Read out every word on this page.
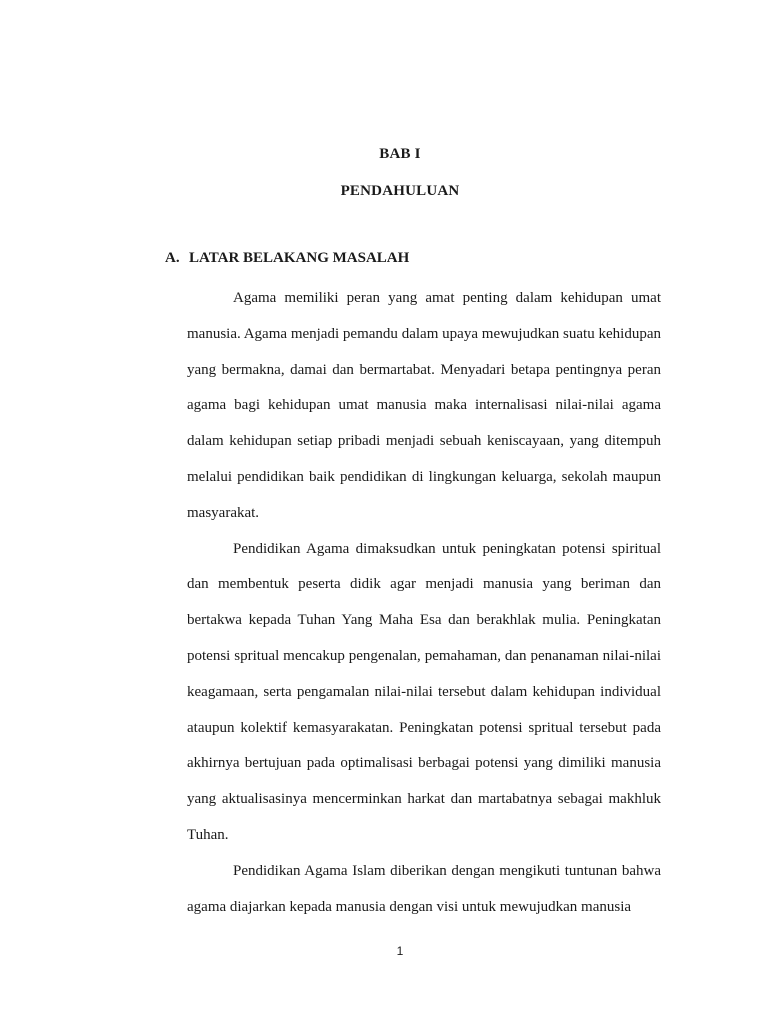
BAB I
PENDAHULUAN
A. LATAR BELAKANG MASALAH

Agama memiliki peran yang amat penting dalam kehidupan umat manusia. Agama menjadi pemandu dalam upaya mewujudkan suatu kehidupan yang bermakna, damai dan bermartabat. Menyadari betapa pentingnya peran agama bagi kehidupan umat manusia maka internalisasi nilai-nilai agama dalam kehidupan setiap pribadi menjadi sebuah keniscayaan, yang ditempuh melalui pendidikan baik pendidikan di lingkungan keluarga, sekolah maupun masyarakat.

Pendidikan Agama dimaksudkan untuk peningkatan potensi spiritual dan membentuk peserta didik agar menjadi manusia yang beriman dan bertakwa kepada Tuhan Yang Maha Esa dan berakhlak mulia. Peningkatan potensi spritual mencakup pengenalan, pemahaman, dan penanaman nilai-nilai keagamaan, serta pengamalan nilai-nilai tersebut dalam kehidupan individual ataupun kolektif kemasyarakatan. Peningkatan potensi spritual tersebut pada akhirnya bertujuan pada optimalisasi berbagai potensi yang dimiliki manusia yang aktualisasinya mencerminkan harkat dan martabatnya sebagai makhluk Tuhan.

Pendidikan Agama Islam diberikan dengan mengikuti tuntunan bahwa agama diajarkan kepada manusia dengan visi untuk mewujudkan manusia

1
